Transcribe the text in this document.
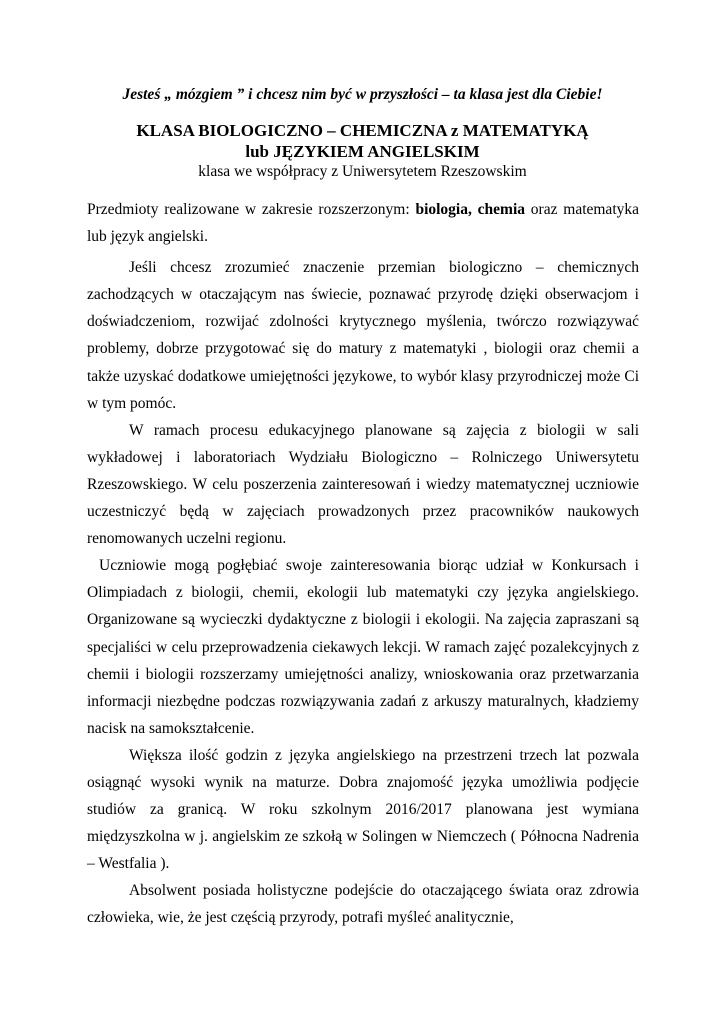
Jesteś „ mózgiem ” i chcesz nim być w przyszłości – ta klasa jest dla Ciebie!
KLASA BIOLOGICZNO – CHEMICZNA z MATEMATYKĄ
lub JĘZYKIEM ANGIELSKIM
klasa we współpracy z Uniwersytetem Rzeszowskim

Przedmioty realizowane w zakresie rozszerzonym: biologia, chemia oraz matematyka lub język angielski.

Jeśli chcesz zrozumieć znaczenie przemian biologiczno – chemicznych zachodzących w otaczającym nas świecie, poznawać przyrodę dzięki obserwacjom i doświadczeniom, rozwijać zdolności krytycznego myślenia, twórczo rozwiązywać problemy, dobrze przygotować się do matury z matematyki , biologii oraz chemii a także uzyskać dodatkowe umiejętności językowe, to wybór klasy przyrodniczej może Ci w tym pomóc.

W ramach procesu edukacyjnego planowane są zajęcia z biologii w sali wykładowej i laboratoriach Wydziału Biologiczno – Rolniczego Uniwersytetu Rzeszowskiego. W celu poszerzenia zainteresowań i wiedzy matematycznej uczniowie uczestniczyć będą w zajęciach prowadzonych przez pracowników naukowych renomowanych uczelni regionu.

Uczniowie mogą pogłębiać swoje zainteresowania biorąc udział w Konkursach i Olimpiadach z biologii, chemii, ekologii lub matematyki czy języka angielskiego. Organizowane są wycieczki dydaktyczne z biologii i ekologii. Na zajęcia zapraszani są specjaliści w celu przeprowadzenia ciekawych lekcji. W ramach zajęć pozalekcyjnych z chemii i biologii rozszerzamy umiejętności analizy, wnioskowania oraz przetwarzania informacji niezbędne podczas rozwiązywania zadań z arkuszy maturalnych, kładziemy nacisk na samokształcenie.

Większa ilość godzin z języka angielskiego na przestrzeni trzech lat pozwala osiągnąć wysoki wynik na maturze. Dobra znajomość języka umożliwia podjęcie studiów za granicą. W roku szkolnym 2016/2017 planowana jest wymiana międzyszkolna w j. angielskim ze szkołą w Solingen w Niemczech ( Północna Nadrenia – Westfalia ).

Absolwent posiada holistyczne podejście do otaczającego świata oraz zdrowia człowieka, wie, że jest częścią przyrody, potrafi myśleć analitycznie,
